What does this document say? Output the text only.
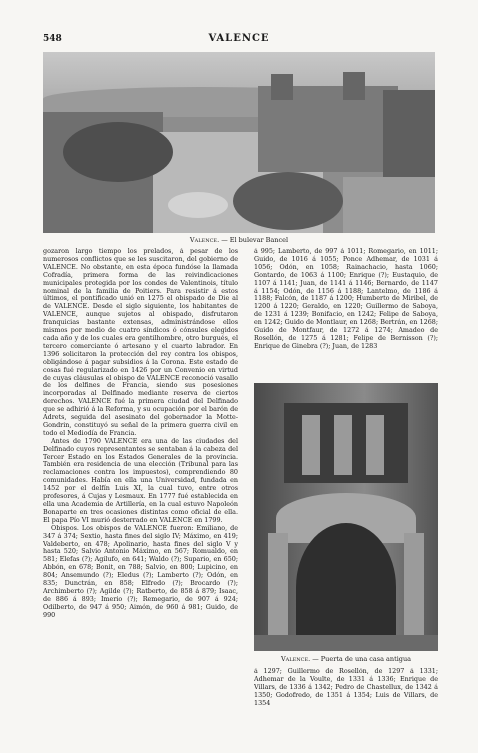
548	VALENCE
Valence. — El bulevar Bancel

gozaron largo tiempo los prelados, á pesar de los numerosos conflictos que se les suscitaron, del gobierno de VALENCE. No obstante, en esta época fundóse la llamada Cofradía, primera forma de las reivindicaciones municipales protegida por los condes de Valentinois, título nominal de la familia de Poitiers. Para resistir á estos últimos, el pontificado unió en 1275 el obispado de Die al de VALENCE. Desde el siglo siguiente, los habitantes de VALENCE, aunque sujetos al obispado, disfrutaron franquicias bastante extensas, administrándose ellos mismos por medio de cuatro síndicos ó cónsules elegidos cada año y de los cuales era gentilhombre, otro burgués, el tercero comerciante ó artesano y el cuarto labrador. En 1396 solicitaron la protección del rey contra los obispos, obligándose á pagar subsidios á la Corona. Este estado de cosas fué regularizado en 1426 por un Convenio en virtud de cuyas cláusulas el obispo de VALENCE reconoció vasallo de los delfines de Francia, siendo sus posesiones incorporadas al Delfinado mediante reserva de ciertos derechos. VALENCE fué la primera ciudad del Delfinado que se adhirió á la Reforma, y su ocupación por el barón de Adrets, seguida del asesinato del gobernador la Motte-Gondrin, constituyó su señal de la primera guerra civil en todo el Mediodía de Francia.

Antes de 1790 VALENCE era una de las ciudades del Delfinado cuyos representantes se sentaban á la cabeza del Tercer Estado en los Estados Generales de la provincia. También era residencia de una elección (Tribunal para las reclamaciones contra los impuestos), comprendiendo 80 comunidades. Había en ella una Universidad, fundada en 1452 por el delfín Luis XI, la cual tuvo, entre otros profesores, á Cujas y Lesmaux. En 1777 fué establecida en ella una Academia de Artillería, en la cual estuvo Napoleón Bonaparte en tres ocasiones distintas como oficial de ella. El papa Pío VI murió desterrado en VALENCE en 1799.

Obispos. Los obispos de VALENCE fueron: Emiliano, de 347 á 374; Sextio, hasta fines del siglo IV; Máximo, en 419; Valdeberto, en 478; Apolinario, hasta fines del siglo V y hasta 520; Salvio Antonio Máximo, en 567; Romualdo, en 581; Elefas (?); Agilufo, en 641; Waldo (?); Supario, en 650; Abbón, en 678; Bonit, en 788; Salvio, en 800; Lupicino, en 804; Ansemundo (?); Eledus (?); Lamberto (?); Odón, en 835; Dunctrán, en 858; Elfredo (?); Brocardo (?); Archimberto (?); Agilde (?); Ratberto, de 858 á 879; Isaac, de 886 á 893; Imerio (?); Remegario, de 907 á 924; Odilberto, de 947 á 950; Aimón, de 960 á 981; Guido, de 990

á 995; Lamberto, de 997 á 1011; Romegario, en 1011; Guido, de 1016 á 1055; Ponce Adhemar, de 1031 á 1056; Odón, en 1058; Rainachacio, hasta 1060; Gontardo, de 1063 á 1100; Enrique (?); Eustaquio, de 1107 á 1141; Juan, de 1141 á 1146; Bernardo, de 1147 á 1154; Odón, de 1156 á 1188; Lantelmo, de 1186 á 1188; Falcón, de 1187 á 1200; Humberto de Miribel, de 1200 á 1220; Geraldo, en 1220; Guillermo de Saboya, de 1231 á 1239; Bonifacio, en 1242; Felipe de Saboya, en 1242; Guido de Montlaur, en 1268; Bertrán, en 1268; Guido de Montfaur, de 1272 á 1274; Amadeo de Rosellón, de 1275 á 1281; Felipe de Bernisson (?); Enrique de Ginebra (?); Juan, de 1283

Valence. — Puerta de una casa antigua

á 1297; Guillermo de Rosellón, de 1297 á 1331; Adhemar de la Voulte, de 1331 á 1336; Enrique de Villars, de 1336 á 1342; Pedro de Chastellux, de 1342 á 1350; Godofredo, de 1351 á 1354; Luis de Villars, de 1354
